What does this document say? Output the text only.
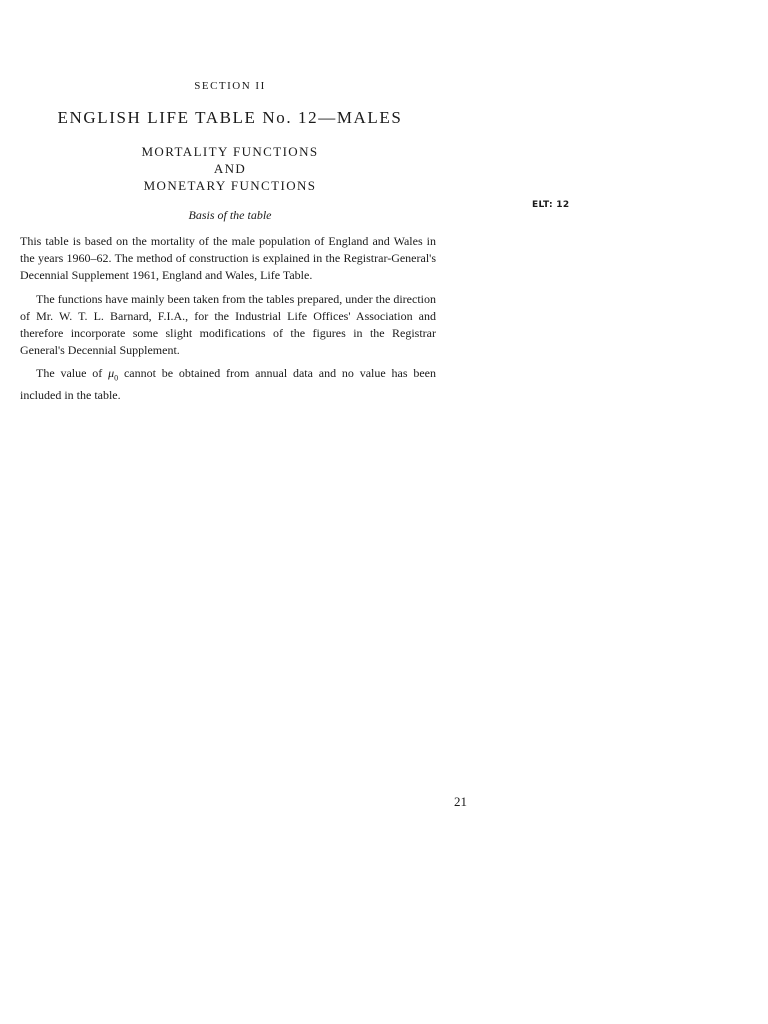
SECTION II
ENGLISH LIFE TABLE No. 12—MALES
MORTALITY FUNCTIONS
AND
MONETARY FUNCTIONS
ELT: 12
Basis of the table

This table is based on the mortality of the male population of England and Wales in the years 1960–62. The method of construction is explained in the Registrar-General's Decennial Supplement 1961, England and Wales, Life Table.

The functions have mainly been taken from the tables prepared, under the direction of Mr. W. T. L. Barnard, F.I.A., for the Industrial Life Offices' Association and therefore incorporate some slight modifications of the figures in the Registrar General's Decennial Supplement.

The value of $\mu_0$ cannot be obtained from annual data and no value has been included in the table.

21
